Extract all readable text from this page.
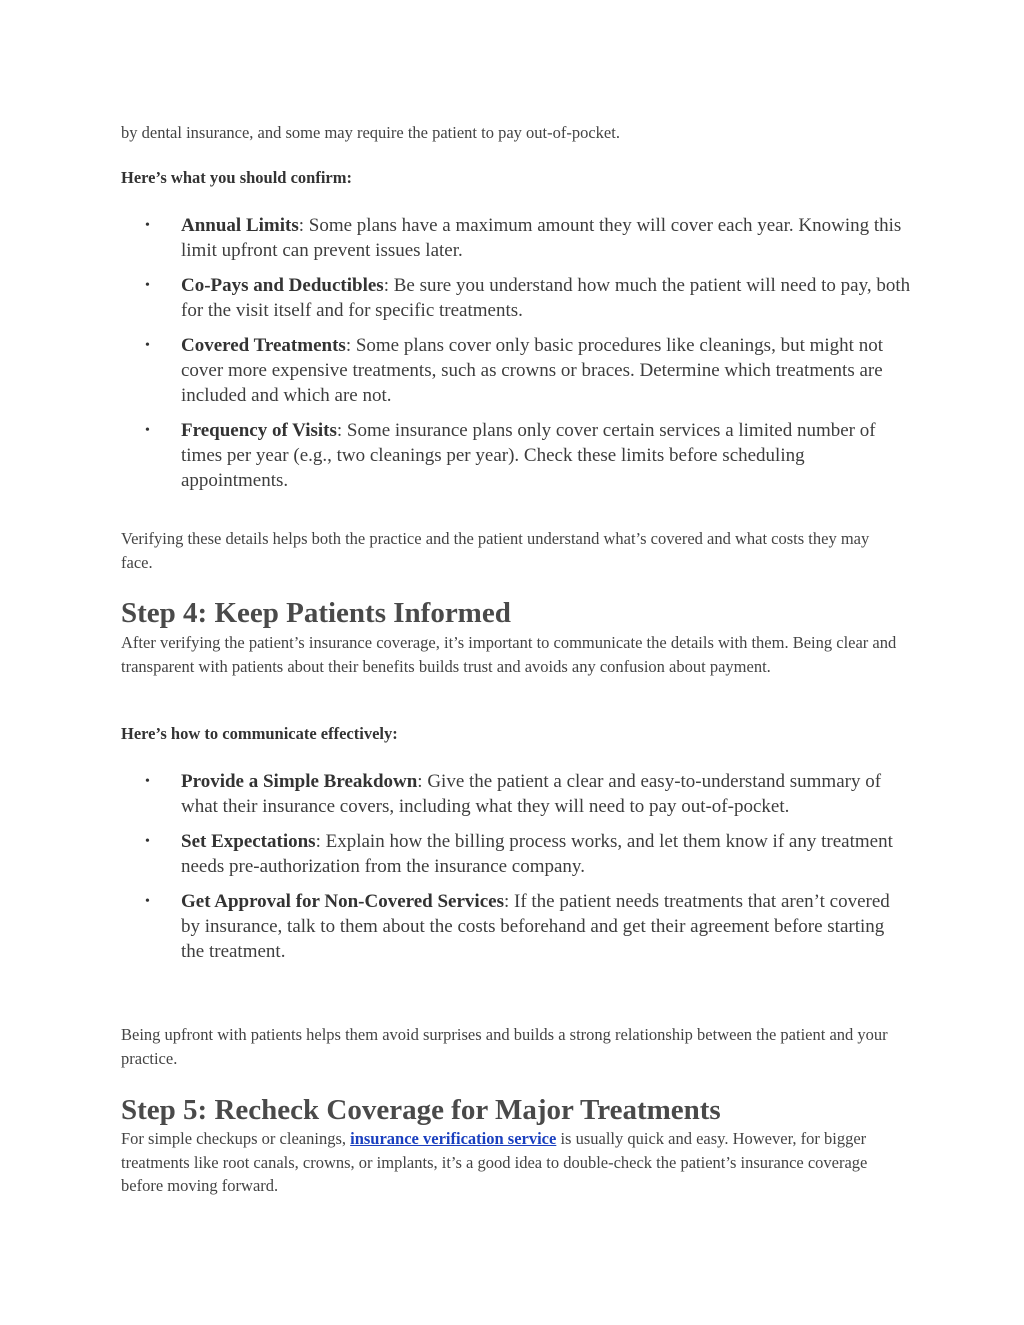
by dental insurance, and some may require the patient to pay out-of-pocket.

Here’s what you should confirm:

• Annual Limits: Some plans have a maximum amount they will cover each year. Knowing this limit upfront can prevent issues later.
• Co-Pays and Deductibles: Be sure you understand how much the patient will need to pay, both for the visit itself and for specific treatments.
• Covered Treatments: Some plans cover only basic procedures like cleanings, but might not cover more expensive treatments, such as crowns or braces. Determine which treatments are included and which are not.
• Frequency of Visits: Some insurance plans only cover certain services a limited number of times per year (e.g., two cleanings per year). Check these limits before scheduling appointments.

Verifying these details helps both the practice and the patient understand what’s covered and what costs they may face.

Step 4: Keep Patients Informed

After verifying the patient’s insurance coverage, it’s important to communicate the details with them. Being clear and transparent with patients about their benefits builds trust and avoids any confusion about payment.

Here’s how to communicate effectively:

• Provide a Simple Breakdown: Give the patient a clear and easy-to-understand summary of what their insurance covers, including what they will need to pay out-of-pocket.
• Set Expectations: Explain how the billing process works, and let them know if any treatment needs pre-authorization from the insurance company.
• Get Approval for Non-Covered Services: If the patient needs treatments that aren’t covered by insurance, talk to them about the costs beforehand and get their agreement before starting the treatment.

Being upfront with patients helps them avoid surprises and builds a strong relationship between the patient and your practice.

Step 5: Recheck Coverage for Major Treatments

For simple checkups or cleanings, insurance verification service is usually quick and easy. However, for bigger treatments like root canals, crowns, or implants, it’s a good idea to double-check the patient’s insurance coverage before moving forward.
